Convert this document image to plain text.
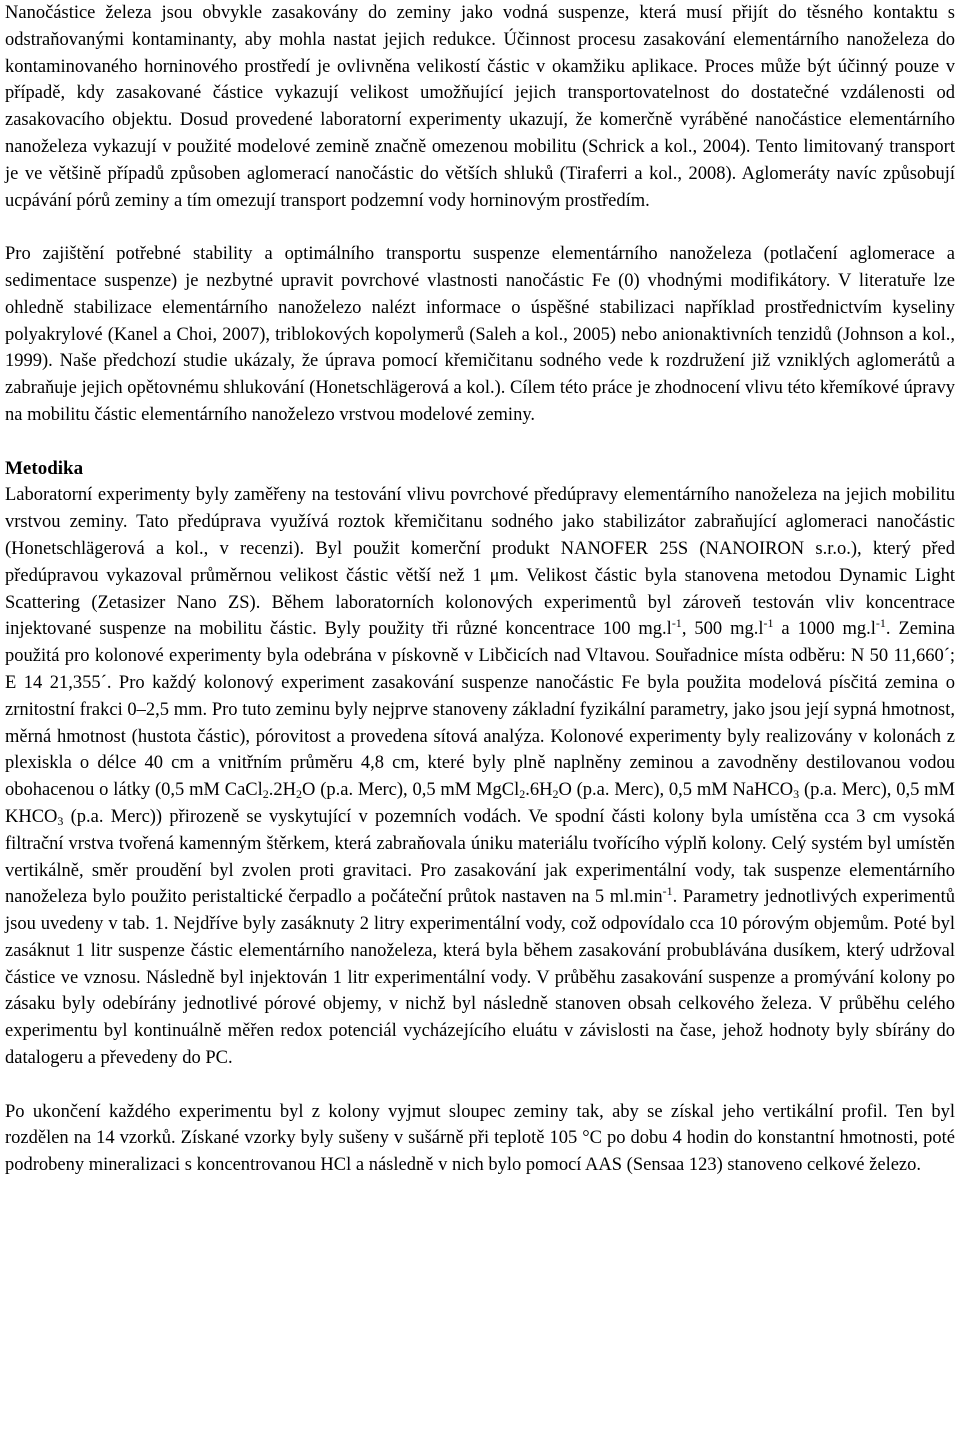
Nanočástice železa jsou obvykle zasakovány do zeminy jako vodná suspenze, která musí přijít do těsného kontaktu s odstraňovanými kontaminanty, aby mohla nastat jejich redukce. Účinnost procesu zasakování elementárního nanoželeza do kontaminovaného horninového prostředí je ovlivněna velikostí částic v okamžiku aplikace. Proces může být účinný pouze v případě, kdy zasakované částice vykazují velikost umožňující jejich transportovatelnost do dostatečné vzdálenosti od zasakovacího objektu. Dosud provedené laboratorní experimenty ukazují, že komerčně vyráběné nanočástice elementárního nanoželeza vykazují v použité modelové zemině značně omezenou mobilitu (Schrick a kol., 2004). Tento limitovaný transport je ve většině případů způsoben aglomerací nanočástic do větších shluků (Tiraferri a kol., 2008). Aglomeráty navíc způsobují ucpávání pórů zeminy a tím omezují transport podzemní vody horninovým prostředím.

Pro zajištění potřebné stability a optimálního transportu suspenze elementárního nanoželeza (potlačení aglomerace a sedimentace suspenze) je nezbytné upravit povrchové vlastnosti nanočástic Fe (0) vhodnými modifikátory. V literatuře lze ohledně stabilizace elementárního nanoželezo nalézt informace o úspěšné stabilizaci například prostřednictvím kyseliny polyakrylové (Kanel a Choi, 2007), triblokových kopolymerů (Saleh a kol., 2005) nebo anionaktivních tenzidů (Johnson a kol., 1999). Naše předchozí studie ukázaly, že úprava pomocí křemičitanu sodného vede k rozdružení již vzniklých aglomerátů a zabraňuje jejich opětovnému shlukování (Honetschlägerová a kol.). Cílem této práce je zhodnocení vlivu této křemíkové úpravy na mobilitu částic elementárního nanoželezo vrstvou modelové zeminy.

Metodika

Laboratorní experimenty byly zaměřeny na testování vlivu povrchové předúpravy elementárního nanoželeza na jejich mobilitu vrstvou zeminy. Tato předúprava využívá roztok křemičitanu sodného jako stabilizátor zabraňující aglomeraci nanočástic (Honetschlägerová a kol., v recenzi). Byl použit komerční produkt NANOFER 25S (NANOIRON s.r.o.), který před předúpravou vykazoval průměrnou velikost částic větší než 1 μm. Velikost částic byla stanovena metodou Dynamic Light Scattering (Zetasizer Nano ZS). Během laboratorních kolonových experimentů byl zároveň testován vliv koncentrace injektované suspenze na mobilitu částic. Byly použity tři různé koncentrace 100 $mg.l^{-1}$, 500 $mg.l^{-1}$ a 1000 $mg.l^{-1}$. Zemina použitá pro kolonové experimenty byla odebrána v pískovně v Libčicích nad Vltavou. Souřadnice místa odběru: N 50 11,660´; E 14 21,355´. Pro každý kolonový experiment zasakování suspenze nanočástic Fe byla použita modelová písčitá zemina o zrnitostní frakci 0–2,5 mm. Pro tuto zeminu byly nejprve stanoveny základní fyzikální parametry, jako jsou její sypná hmotnost, měrná hmotnost (hustota částic), pórovitost a provedena sítová analýza. Kolonové experimenty byly realizovány v kolonách z plexiskla o délce 40 cm a vnitřním průměru 4,8 cm, které byly plně naplněny zeminou a zavodněny destilovanou vodou obohacenou o látky (0,5 mM $CaCl_2.2H_2O$ (p.a. Merc), 0,5 mM $MgCl_2.6H_2O$ (p.a. Merc), 0,5 mM NaHCO$_3$ (p.a. Merc), 0,5 mM $KHCO_3$ (p.a. Merc)) přirozeně se vyskytující v pozemních vodách. Ve spodní části kolony byla umístěna cca 3 cm vysoká filtrační vrstva tvořená kamenným štěrkem, která zabraňovala úniku materiálu tvořícího výplň kolony. Celý systém byl umístěn vertikálně, směr proudění byl zvolen proti gravitaci. Pro zasakování jak experimentální vody, tak suspenze elementárního nanoželeza bylo použito peristaltické čerpadlo a počáteční průtok nastaven na 5 $ml.\min^{-1}$. Parametry jednotlivých experimentů jsou uvedeny v tab. 1. Nejdříve byly zasáknuty 2 litry experimentální vody, což odpovídalo cca 10 pórovým objemům. Poté byl zasáknut 1 litr suspenze částic elementárního nanoželeza, která byla během zasakování probublávána dusíkem, který udržoval částice ve vznosu. Následně byl injektován 1 litr experimentální vody. V průběhu zasakování suspenze a promývání kolony po zásaku byly odebírány jednotlivé pórové objemy, v nichž byl následně stanoven obsah celkového železa. V průběhu celého experimentu byl kontinuálně měřen redox potenciál vycházejícího eluátu v závislosti na čase, jehož hodnoty byly sbírány do datalogeru a převedeny do PC.

Po ukončení každého experimentu byl z kolony vyjmut sloupec zeminy tak, aby se získal jeho vertikální profil. Ten byl rozdělen na 14 vzorků. Získané vzorky byly sušeny v sušárně při teplotě 105 °C po dobu 4 hodin do konstantní hmotnosti, poté podrobeny mineralizaci s koncentrovanou HCl a následně v nich bylo pomocí AAS (Sensaa 123) stanoveno celkové železo.
